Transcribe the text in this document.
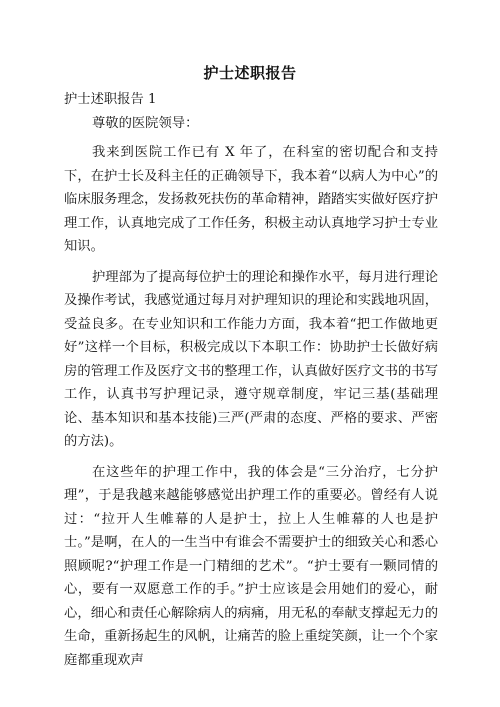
护士述职报告

护士述职报告 1

尊敬的医院领导：

我来到医院工作已有 X 年了，在科室的密切配合和支持下，在护士长及科主任的正确领导下，我本着“以病人为中心”的临床服务理念，发扬救死扶伤的革命精神，踏踏实实做好医疗护理工作，认真地完成了工作任务，积极主动认真地学习护士专业知识。

护理部为了提高每位护士的理论和操作水平，每月进行理论及操作考试，我感觉通过每月对护理知识的理论和实践地巩固，受益良多。在专业知识和工作能力方面，我本着“把工作做地更好”这样一个目标，积极完成以下本职工作：协助护士长做好病房的管理工作及医疗文书的整理工作，认真做好医疗文书的书写工作，认真书写护理记录，遵守规章制度，牢记三基(基础理论、基本知识和基本技能)三严(严肃的态度、严格的要求、严密的方法)。

在这些年的护理工作中，我的体会是“三分治疗，七分护理”，于是我越来越能够感觉出护理工作的重要必。曾经有人说过：“拉开人生帷幕的人是护士，拉上人生帷幕的人也是护士。”是啊，在人的一生当中有谁会不需要护士的细致关心和悉心照顾呢?“护理工作是一门精细的艺术”。“护士要有一颗同情的心，要有一双愿意工作的手。”护士应该是会用她们的爱心，耐心，细心和责任心解除病人的病痛，用无私的奉献支撑起无力的生命，重新扬起生的风帆，让痛苦的脸上重绽笑颜，让一个个家庭都重现欢声
